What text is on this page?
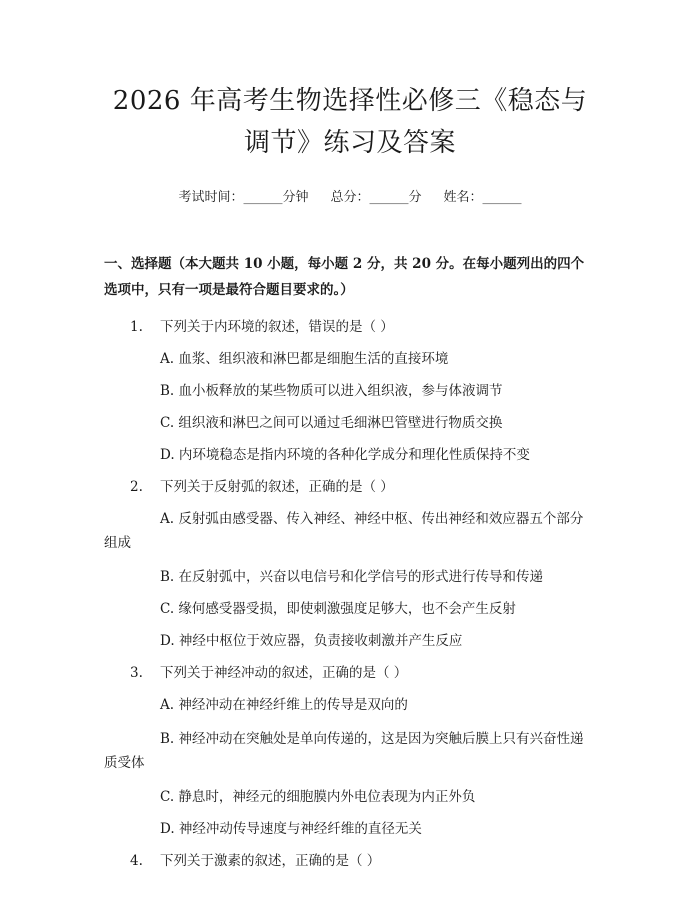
2026 年高考生物选择性必修三《稳态与调节》练习及答案
考试时间：______分钟 总分：______分 姓名：______
一、选择题（本大题共 10 小题，每小题 2 分，共 20 分。在每小题列出的四个选项中，只有一项是最符合题目要求的。）
1.	下列关于内环境的叙述，错误的是（ ）
A. 血浆、组织液和淋巴都是细胞生活的直接环境
B. 血小板释放的某些物质可以进入组织液，参与体液调节
C. 组织液和淋巴之间可以通过毛细淋巴管壁进行物质交换
D. 内环境稳态是指内环境的各种化学成分和理化性质保持不变
2.	下列关于反射弧的叙述，正确的是（ ）
A. 反射弧由感受器、传入神经、神经中枢、传出神经和效应器五个部分组成
B. 在反射弧中，兴奋以电信号和化学信号的形式进行传导和传递
C. 缘何感受器受损，即使刺激强度足够大，也不会产生反射
D. 神经中枢位于效应器，负责接收刺激并产生反应
3.	下列关于神经冲动的叙述，正确的是（ ）
A. 神经冲动在神经纤维上的传导是双向的
B. 神经冲动在突触处是单向传递的，这是因为突触后膜上只有兴奋性递质受体
C. 静息时，神经元的细胞膜内外电位表现为内正外负
D. 神经冲动传导速度与神经纤维的直径无关
4.	下列关于激素的叙述，正确的是（ ）
